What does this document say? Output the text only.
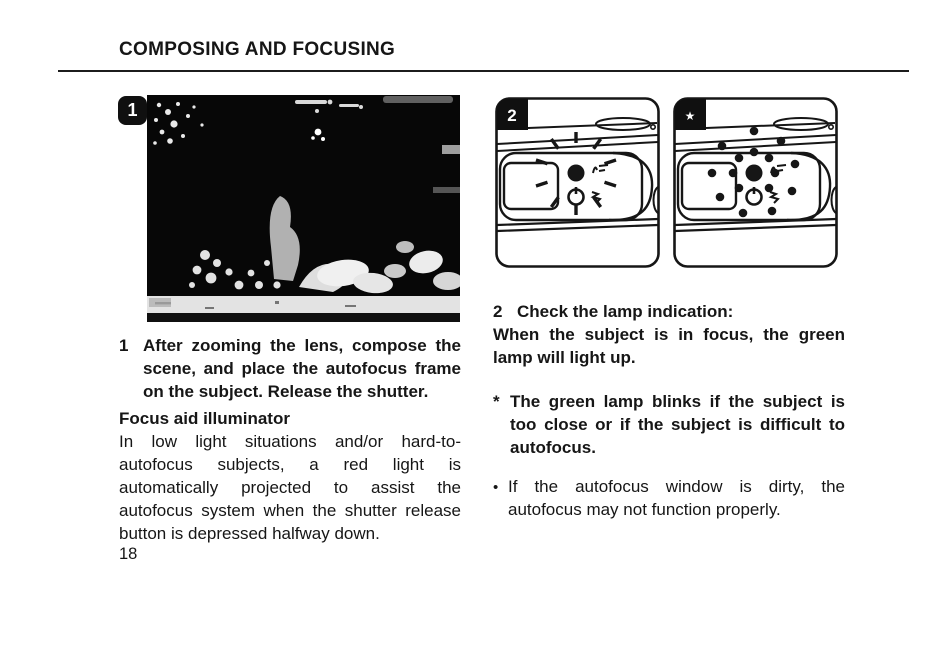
COMPOSING AND FOCUSING
1	2	★
1 After zooming the lens, compose the scene, and place the autofocus frame on the subject. Release the shutter.

Focus aid illuminator

In low light situations and/or hard-to-autofocus subjects, a red light is automatically projected to assist the autofocus system when the shutter release button is depressed halfway down.

2 Check the lamp indication:

When the subject is in focus, the green lamp will light up.

* The green lamp blinks if the subject is too close or if the subject is difficult to autofocus.

• If the autofocus window is dirty, the autofocus may not function properly.

18
